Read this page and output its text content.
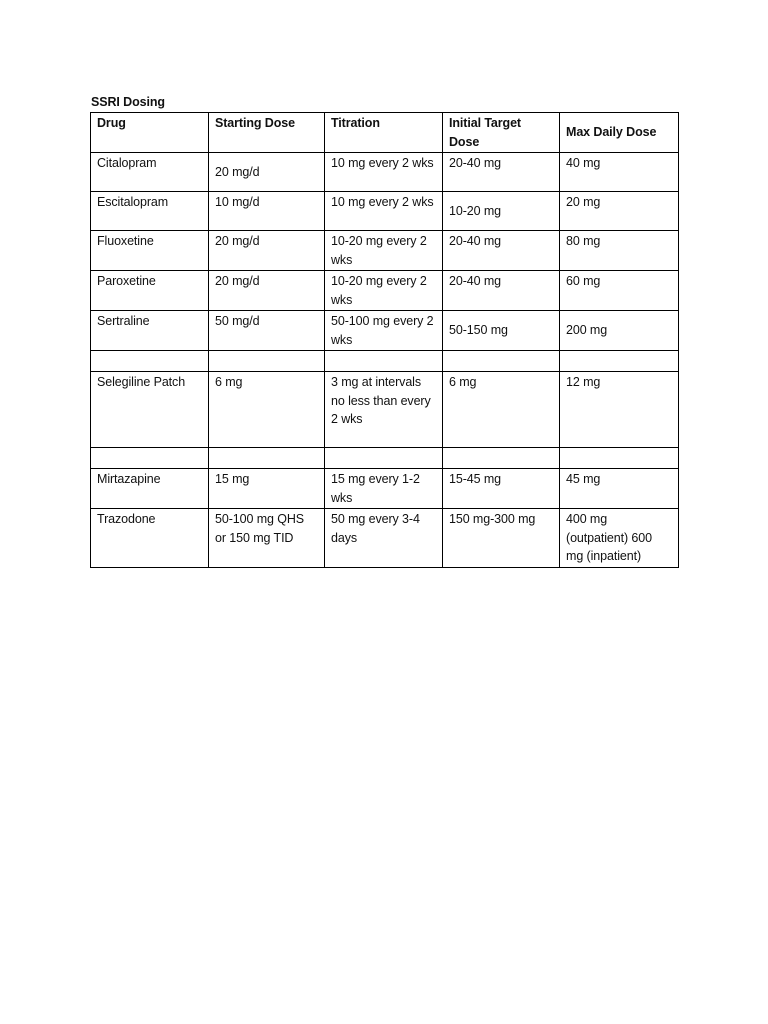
SSRI Dosing
Drug	Starting Dose	Titration	Initial Target Dose	Max Daily Dose
Citalopram	20 mg/d	10 mg every 2 wks	20-40 mg	40 mg
Escitalopram	10 mg/d	10 mg every 2 wks	10-20 mg	20 mg
Fluoxetine	20 mg/d	10-20 mg every 2 wks	20-40 mg	80 mg
Paroxetine	20 mg/d	10-20 mg every 2 wks	20-40 mg	60 mg
Sertraline	50 mg/d	50-100 mg every 2 wks	50-150 mg	200 mg

Selegiline Patch	6 mg	3 mg at intervals no less than every 2 wks	6 mg	12 mg

Mirtazapine	15 mg	15 mg every 1-2 wks	15-45 mg	45 mg
Trazodone	50-100 mg QHS or 150 mg TID	50 mg every 3-4 days	150 mg-300 mg	400 mg (outpatient) 600 mg (inpatient)
